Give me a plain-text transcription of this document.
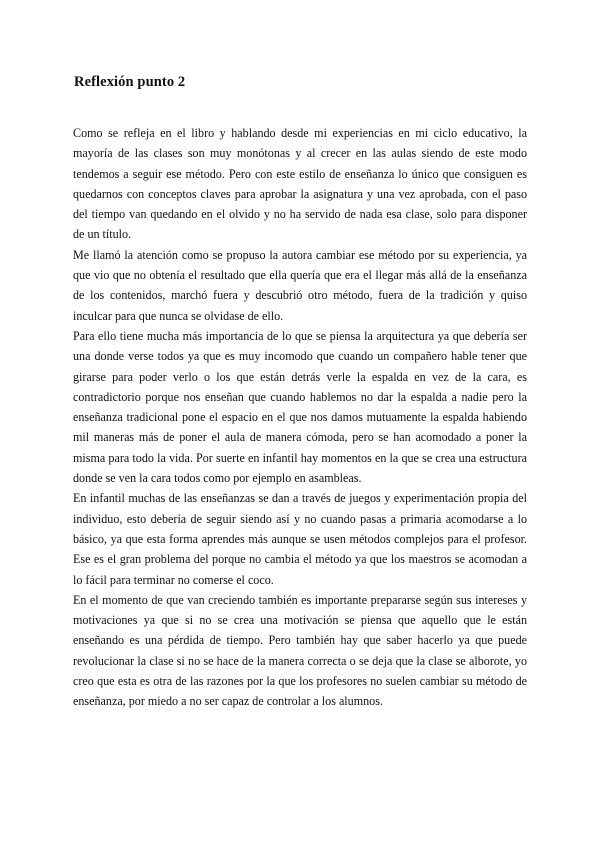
Reflexión punto 2

Como se refleja en el libro y hablando desde mi experiencias en mi ciclo educativo, la mayoría de las clases son muy monótonas y al crecer en las aulas siendo de este modo tendemos a seguir ese método. Pero con este estilo de enseñanza lo único que consiguen es quedarnos con conceptos claves para aprobar la asignatura y una vez aprobada, con el paso del tiempo van quedando en el olvido y no ha servido de nada esa clase, solo para disponer de un título.

Me llamó la atención como se propuso la autora cambiar ese método por su experiencia, ya que vio que no obtenía el resultado que ella quería que era el llegar más allá de la enseñanza de los contenidos, marchó fuera y descubrió otro método, fuera de la tradición y quiso inculcar para que nunca se olvidase de ello.

Para ello tiene mucha más importancia de lo que se piensa la arquitectura ya que debería ser una donde verse todos ya que es muy incomodo que cuando un compañero hable tener que girarse para poder verlo o los que están detrás verle la espalda en vez de la cara, es contradictorio porque nos enseñan que cuando hablemos no dar la espalda a nadie pero la enseñanza tradicional pone el espacio en el que nos damos mutuamente la espalda habiendo mil maneras más de poner el aula de manera cómoda, pero se han acomodado a poner la misma para todo la vida. Por suerte en infantil hay momentos en la que se crea una estructura donde se ven la cara todos como por ejemplo en asambleas.

En infantil muchas de las enseñanzas se dan a través de juegos y experimentación propia del individuo, esto debería de seguir siendo así y no cuando pasas a primaria acomodarse a lo básico, ya que esta forma aprendes más aunque se usen métodos complejos para el profesor. Ese es el gran problema del porque no cambia el método ya que los maestros se acomodan a lo fácil para terminar no comerse el coco.

En el momento de que van creciendo también es importante prepararse según sus intereses y motivaciones ya que si no se crea una motivación se piensa que aquello que le están enseñando es una pérdida de tiempo. Pero también hay que saber hacerlo ya que puede revolucionar la clase si no se hace de la manera correcta o se deja que la clase se alborote, yo creo que esta es otra de las razones por la que los profesores no suelen cambiar su método de enseñanza, por miedo a no ser capaz de controlar a los alumnos.
